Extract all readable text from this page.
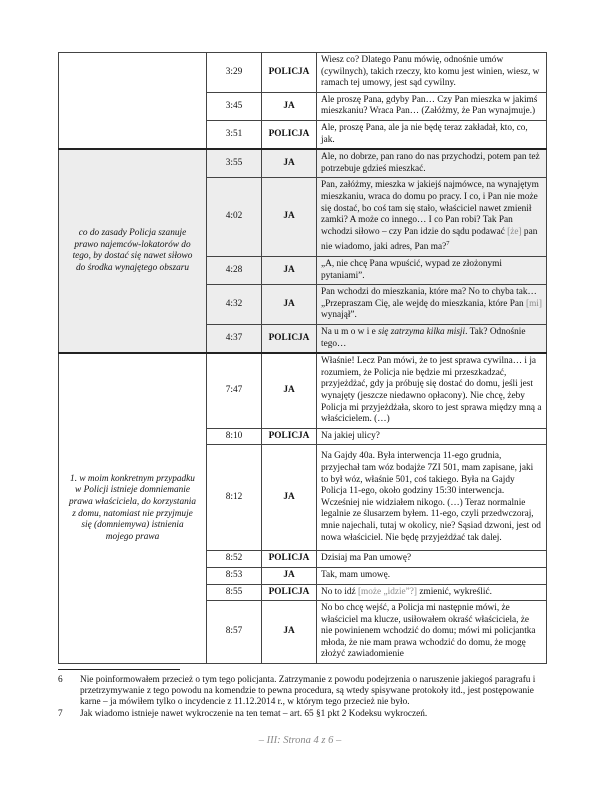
	3:29	POLICJA	Wiesz co? Dlatego Panu mówię, odnośnie umów (cywilnych), takich rzeczy, kto komu jest winien, wiesz, w ramach tej umowy, jest sąd cywilny.
	3:45	JA	Ale proszę Pana, gdyby Pan… Czy Pan mieszka w jakimś mieszkaniu? Wraca Pan… (Załóżmy, że Pan wynajmuje.)
	3:51	POLICJA	Ale, proszę Pana, ale ja nie będę teraz zakładał, kto, co, jak.
co do zasady Policja szanuje prawo najemców-lokatorów do tego, by dostać się nawet siłowo do środka wynajętego obszaru	3:55	JA	Ale, no dobrze, pan rano do nas przychodzi, potem pan też potrzebuje gdzieś mieszkać.
	4:02	JA	Pan, załóżmy, mieszka w jakiejś najmówce, na wynajętym mieszkaniu, wraca do domu po pracy. I co, i Pan nie może się dostać, bo coś tam się stało, właściciel nawet zmienił zamki? A może co innego… I co Pan robi? Tak Pan wchodzi siłowo – czy Pan idzie do sądu podawać [że] pan nie wiadomo, jaki adres, Pan ma?$^7$
	4:28	JA	„A, nie chcę Pana wpuścić, wypad ze złożonymi pytaniami”.
	4:32	JA	Pan wchodzi do mieszkania, które ma? No to chyba tak… „Przepraszam Cię, ale wejdę do mieszkania, które Pan [mi] wynajął”.
	4:37	POLICJA	Na u m o w i e się zatrzyma kilka misji. Tak? Odnośnie tego…
1. w moim konkretnym przypadku w Policji istnieje domniemanie prawa właściciela, do korzystania z domu, natomiast nie przyjmuje się (domniemywa) istnienia mojego prawa	7:47	JA	Właśnie! Lecz Pan mówi, że to jest sprawa cywilna… i ja rozumiem, że Policja nie będzie mi przeszkadzać, przyjeżdżać, gdy ja próbuję się dostać do domu, jeśli jest wynajęty (jeszcze niedawno opłacony). Nie chcę, żeby Policja mi przyjeżdżała, skoro to jest sprawa między mną a właścicielem. (…)
	8:10	POLICJA	Na jakiej ulicy?
	8:12	JA	Na Gajdy 40a. Była interwencja 11-ego grudnia, przyjechał tam wóz bodajże 7ZI 501, mam zapisane, jaki to był wóz, właśnie 501, coś takiego. Była na Gajdy Policja 11-ego, około godziny 15:30 interwencja. Wcześniej nie widziałem nikogo. (…) Teraz normalnie legalnie ze ślusarzem byłem. 11-ego, czyli przedwczoraj, mnie najechali, tutaj w okolicy, nie? Sąsiad dzwoni, jest od nowa właściciel. Nie będę przyjeżdżać tak dalej.
	8:52	POLICJA	Dzisiaj ma Pan umowę?
	8:53	JA	Tak, mam umowę.
	8:55	POLICJA	No to idź [może „idzie”?] zmienić, wykreślić.
	8:57	JA	No bo chcę wejść, a Policja mi następnie mówi, że właściciel ma klucze, usiłowałem okraść właściciela, że nie powinienem wchodzić do domu; mówi mi policjantka młoda, że nie mam prawa wchodzić do domu, że mogę złożyć zawiadomienie
6 Nie poinformowałem przecież o tym tego policjanta. Zatrzymanie z powodu podejrzenia o naruszenie jakiegoś paragrafu i przetrzymywanie z tego powodu na komendzie to pewna procedura, są wtedy spisywane protokoły itd., jest postępowanie karne – ja mówiłem tylko o incydencie z 11.12.2014 r., w którym tego przecież nie było.
7 Jak wiadomo istnieje nawet wykroczenie na ten temat – art. 65 §1 pkt 2 Kodeksu wykroczeń.
– III: Strona 4 z 6 –
